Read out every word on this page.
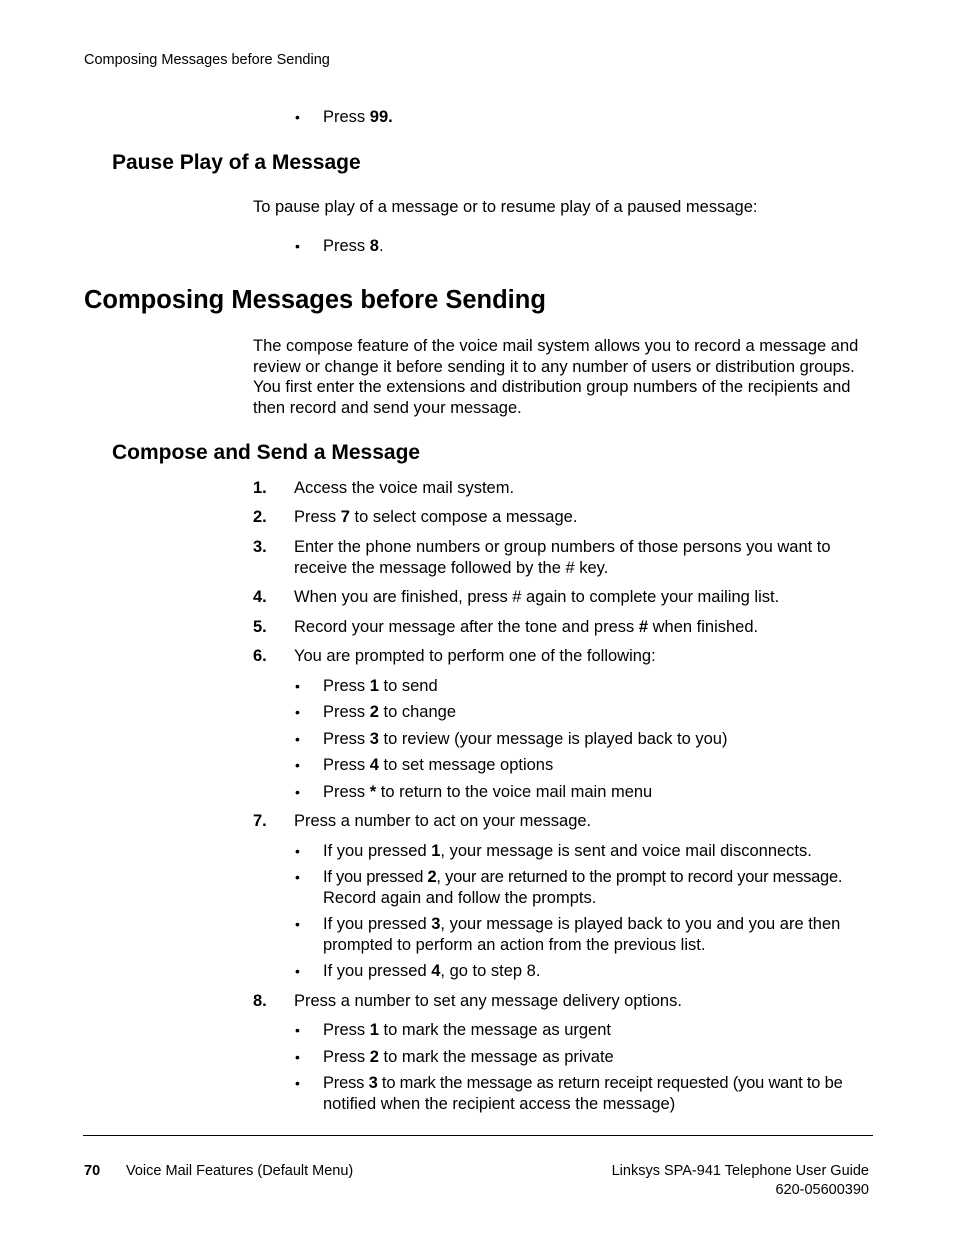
Composing Messages before Sending
• Press 99.
Pause Play of a Message
To pause play of a message or to resume play of a paused message:
• Press 8.
Composing Messages before Sending
The compose feature of the voice mail system allows you to record a message and
review or change it before sending it to any number of users or distribution groups.
You first enter the extensions and distribution group numbers of the recipients and
then record and send your message.
Compose and Send a Message
1. Access the voice mail system.
2. Press 7 to select compose a message.
3. Enter the phone numbers or group numbers of those persons you want to
receive the message followed by the # key.
4. When you are finished, press # again to complete your mailing list.
5. Record your message after the tone and press # when finished.
6. You are prompted to perform one of the following:
• Press 1 to send
• Press 2 to change
• Press 3 to review (your message is played back to you)
• Press 4 to set message options
• Press * to return to the voice mail main menu
7. Press a number to act on your message.
• If you pressed 1, your message is sent and voice mail disconnects.
• If you pressed 2, your are returned to the prompt to record your message.
Record again and follow the prompts.
• If you pressed 3, your message is played back to you and you are then
prompted to perform an action from the previous list.
• If you pressed 4, go to step 8.
8. Press a number to set any message delivery options.
• Press 1 to mark the message as urgent
• Press 2 to mark the message as private
• Press 3 to mark the message as return receipt requested (you want to be
notified when the recipient access the message)
70 Voice Mail Features (Default Menu)	Linksys SPA-941 Telephone User Guide
620-05600390
